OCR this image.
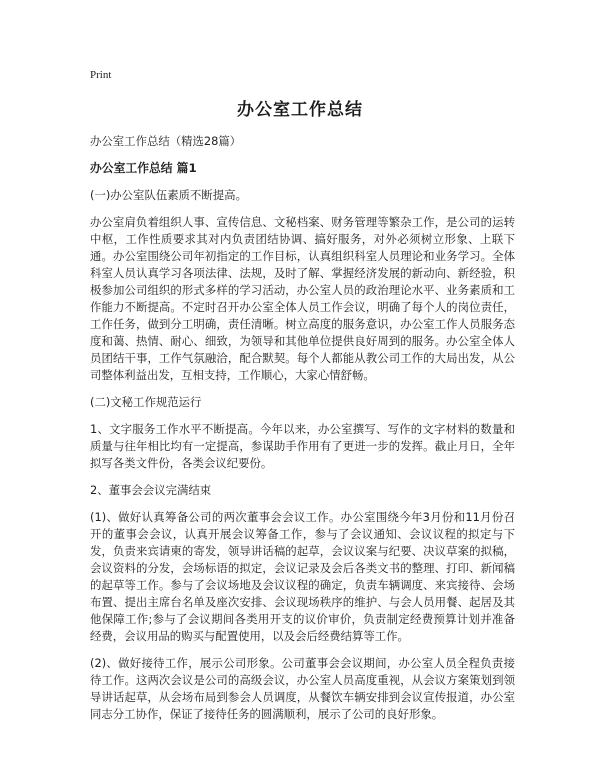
Print
办公室工作总结

办公室工作总结（精选28篇）

办公室工作总结 篇1

(一)办公室队伍素质不断提高。

办公室肩负着组织人事、宣传信息、文秘档案、财务管理等繁杂工作，是公司的运转中枢，工作性质要求其对内负责团结协调、搞好服务，对外必须树立形象、上联下通。办公室围绕公司年初指定的工作目标，认真组织科室人员理论和业务学习。全体科室人员认真学习各项法律、法规，及时了解、掌握经济发展的新动向、新经验，积极参加公司组织的形式多样的学习活动，办公室人员的政治理论水平、业务素质和工作能力不断提高。不定时召开办公室全体人员工作会议，明确了每个人的岗位责任，工作任务，做到分工明确，责任清晰。树立高度的服务意识，办公室工作人员服务态度和蔼、热情、耐心、细致，为领导和其他单位提供良好周到的服务。办公室全体人员团结干事，工作气氛融洽，配合默契。每个人都能从教公司工作的大局出发，从公司整体利益出发，互相支持，工作顺心，大家心情舒畅。

(二)文秘工作规范运行

1、文字服务工作水平不断提高。今年以来，办公室撰写、写作的文字材料的数量和质量与往年相比均有一定提高，参谋助手作用有了更进一步的发挥。截止月日，全年拟写各类文件份，各类会议纪要份。

2、董事会会议完满结束

(1)、做好认真筹备公司的两次董事会会议工作。办公室围绕今年3月份和11月份召开的董事会会议，认真开展会议筹备工作，参与了会议通知、会议议程的拟定与下发，负责来宾请柬的寄发，领导讲话稿的起草，会议议案与纪要、决议草案的拟稿，会议资料的分发，会场标语的拟定，会议记录及会后各类文书的整理、打印、新闻稿的起草等工作。参与了会议场地及会议议程的确定，负责车辆调度、来宾接待、会场布置、提出主席台名单及座次安排、会议现场秩序的维护、与会人员用餐、起居及其他保障工作;参与了会议期间各类用开支的议价审价，负责制定经费预算计划并准备经费，会议用品的购买与配置使用，以及会后经费结算等工作。

(2)、做好接待工作，展示公司形象。公司董事会会议期间，办公室人员全程负责接待工作。这两次会议是公司的高级会议，办公室人员高度重视，从会议方案策划到领导讲话起草，从会场布局到参会人员调度，从餐饮车辆安排到会议宣传报道，办公室同志分工协作，保证了接待任务的圆满顺利，展示了公司的良好形象。
